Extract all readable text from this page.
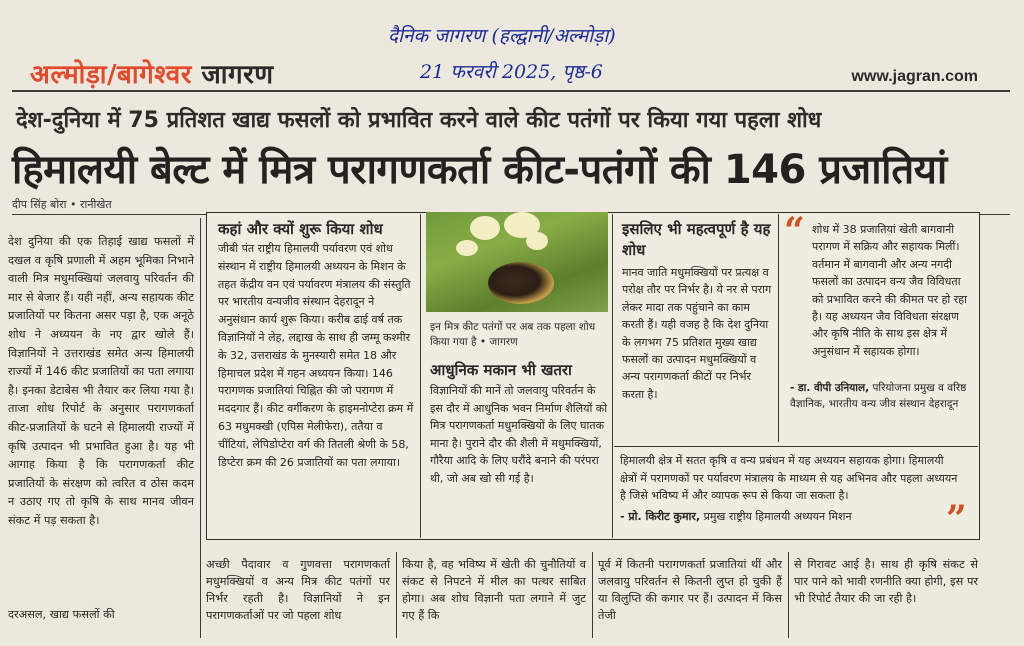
अल्मोड़ा/बागेश्वर जागरण
दैनिक जागरण (हल्द्वानी/अल्मोड़ा)
21 फरवरी 2025, पृष्ठ-6	www.jagran.com
देश-दुनिया में 75 प्रतिशत खाद्य फसलों को प्रभावित करने वाले कीट पतंगों पर किया गया पहला शोध
हिमालयी बेल्ट में मित्र परागणकर्ता कीट-पतंगों की 146 प्रजातियां
दीप सिंह बोरा • रानीखेत
देश दुनिया की एक तिहाई खाद्य फसलों में दखल व कृषि प्रणाली में अहम भूमिका निभाने वाली मित्र मधुमक्खियां जलवायु परिवर्तन की मार से बेजार हैं। यही नहीं, अन्य सहायक कीट प्रजातियों पर कितना असर पड़ा है, एक अनूठे शोध ने अध्ययन के नए द्वार खोले हैं। विज्ञानियों ने उत्तराखंड समेत अन्य हिमालयी राज्यों में 146 कीट प्रजातियों का पता लगाया है। इनका डेटाबेस भी तैयार कर लिया गया है। ताजा शोध रिपोर्ट के अनुसार परागणकर्ता कीट-प्रजातियों के घटने से हिमालयी राज्यों में कृषि उत्पादन भी प्रभावित हुआ है। यह भी आगाह किया है कि परागणकर्ता कीट प्रजातियों के संरक्षण को त्वरित व ठोस कदम न उठाए गए तो कृषि के साथ मानव जीवन संकट में पड़ सकता है।
दरअसल, खाद्य फसलों की
कहां और क्यों शुरू किया शोध
जीबी पंत राष्ट्रीय हिमालयी पर्यावरण एवं शोध संस्थान में राष्ट्रीय हिमालयी अध्ययन के मिशन के तहत केंद्रीय वन एवं पर्यावरण मंत्रालय की संस्तुति पर भारतीय वन्यजीव संस्थान देहरादून ने अनुसंधान कार्य शुरू किया। करीब ढाई वर्ष तक विज्ञानियों ने लेह, लद्दाख के साथ ही जम्मू कश्मीर के 32, उत्तराखंड के मुनस्यारी समेत 18 और हिमाचल प्रदेश में गहन अध्ययन किया। 146 परागणक प्रजातियां चिह्नित की जो परागण में मददगार हैं। कीट वर्गीकरण के हाइमनोप्टेरा क्रम में 63 मधुमक्खी (एपिस मेलीफेरा), ततैया व चींटियां, लेपिडोप्टेरा वर्ग की तितली श्रेणी के 58, डिप्टेरा क्रम की 26 प्रजातियों का पता लगाया।
इन मित्र कीट पतंगों पर अब तक पहला शोध किया गया है • जागरण
आधुनिक मकान भी खतरा
विज्ञानियों की मानें तो जलवायु परिवर्तन के इस दौर में आधुनिक भवन निर्माण शैलियों को मित्र परागणकर्ता मधुमक्खियों के लिए घातक माना है। पुराने दौर की शैली में मधुमक्खियों, गौरैया आदि के लिए घरौंदे बनाने की परंपरा थी, जो अब खो सी गई है।
इसलिए भी महत्वपूर्ण है यह शोध
मानव जाति मधुमक्खियों पर प्रत्यक्ष व परोक्ष तौर पर निर्भर है। ये नर से पराग लेकर मादा तक पहुंचाने का काम करती हैं। यही वजह है कि देश दुनिया के लगभग 75 प्रतिशत मुख्य खाद्य फसलों का उत्पादन मधुमक्खियों व अन्य परागणकर्ता कीटों पर निर्भर करता है।
“ शोध में 38 प्रजातियां खेती बागवानी परागण में सक्रिय और सहायक मिलीं। वर्तमान में बागवानी और अन्य नगदी फसलों का उत्पादन वन्य जैव विविधता को प्रभावित करने की कीमत पर हो रहा है। यह अध्ययन जैव विविधता संरक्षण और कृषि नीति के साथ इस क्षेत्र में अनुसंधान में सहायक होगा।
- डा. वीपी उनियाल, परियोजना प्रमुख व वरिष्ठ वैज्ञानिक, भारतीय वन्य जीव संस्थान देहरादून
हिमालयी क्षेत्र में सतत कृषि व वन्य प्रबंधन में यह अध्ययन सहायक होगा। हिमालयी क्षेत्रों में परागणकों पर पर्यावरण मंत्रालय के माध्यम से यह अभिनव और पहला अध्ययन है जिसे भविष्य में और व्यापक रूप से किया जा सकता है।
- प्रो. किरीट कुमार, प्रमुख राष्ट्रीय हिमालयी अध्ययन मिशन	”
अच्छी पैदावार व गुणवत्ता परागणकर्ता मधुमक्खियों व अन्य मित्र कीट पतंगों पर निर्भर रहती है। विज्ञानियों ने इन परागणकर्ताओं पर जो पहला शोध
किया है, वह भविष्य में खेती की चुनौतियों व संकट से निपटने में मील का पत्थर साबित होगा। अब शोध विज्ञानी पता लगाने में जुट गए हैं कि
पूर्व में कितनी परागणकर्ता प्रजातियां थीं और जलवायु परिवर्तन से कितनी लुप्त हो चुकी हैं या विलुप्ति की कगार पर हैं। उत्पादन में किस तेजी
से गिरावट आई है। साथ ही कृषि संकट से पार पाने को भावी रणनीति क्या होगी, इस पर भी रिपोर्ट तैयार की जा रही है।
